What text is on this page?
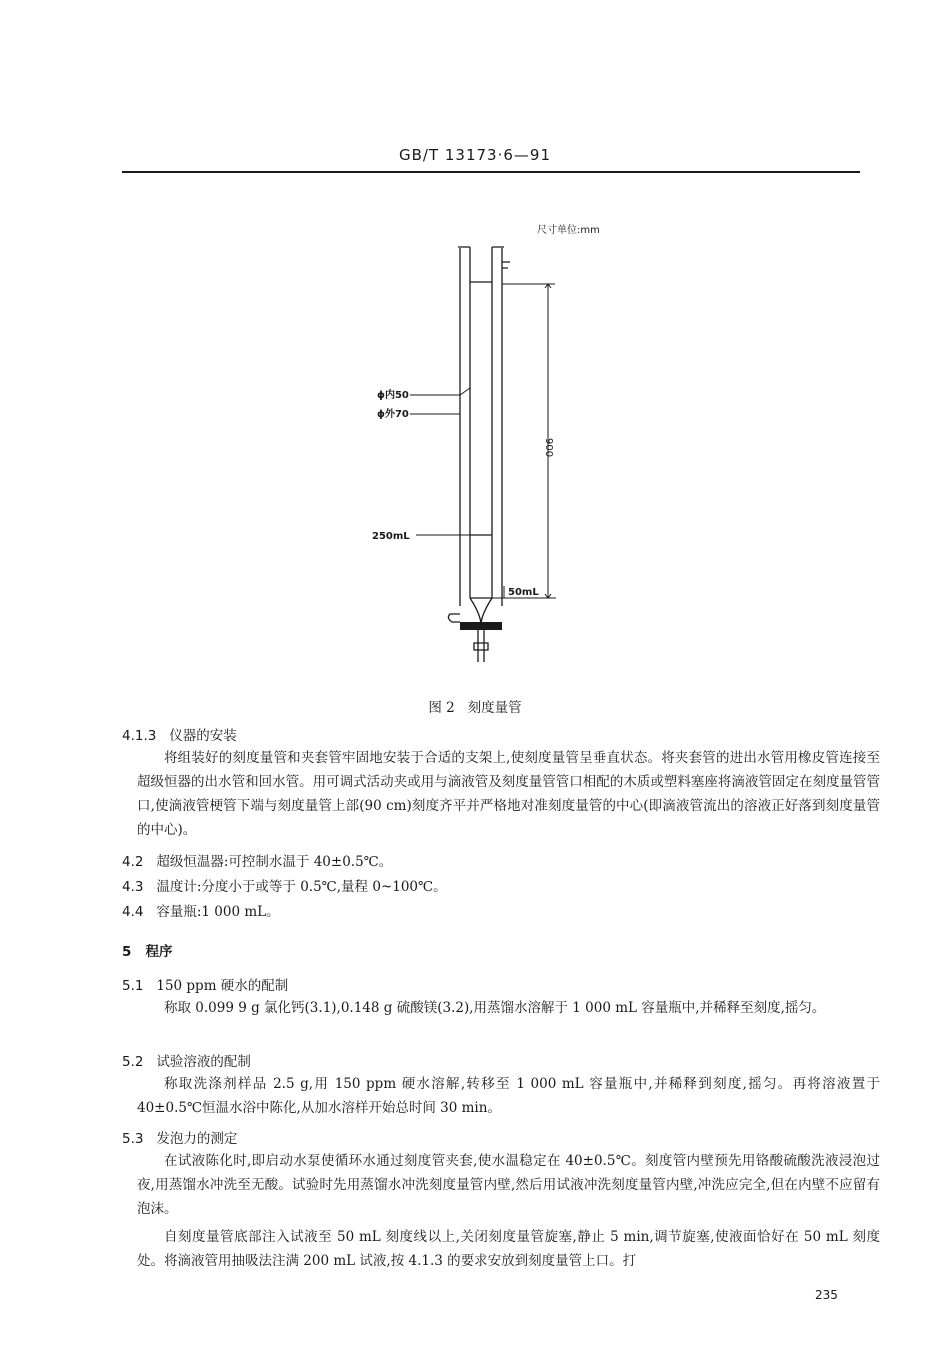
GB/T 13173·6—91
尺寸单位:mm
900
50mL
ϕ内50
ϕ外70
250mL
图 2   刻度量管
4.1.3 仪器的安装
将组装好的刻度量管和夹套管牢固地安装于合适的支架上,使刻度量管呈垂直状态。将夹套管的进出水管用橡皮管连接至超级恒器的出水管和回水管。用可调式活动夹或用与滴液管及刻度量管管口相配的木质或塑料塞座将滴液管固定在刻度量管管口,使滴液管梗管下端与刻度量管上部(90 cm)刻度齐平并严格地对准刻度量管的中心(即滴液管流出的溶液正好落到刻度量管的中心)。
4.2 超级恒温器:可控制水温于 40±0.5℃。
4.3 温度计:分度小于或等于 0.5℃,量程 0~100℃。
4.4 容量瓶:1 000 mL。
5 程序
5.1 150 ppm 硬水的配制
称取 0.099 9 g 氯化钙(3.1),0.148 g 硫酸镁(3.2),用蒸馏水溶解于 1 000 mL 容量瓶中,并稀释至刻度,摇匀。
5.2 试验溶液的配制
称取洗涤剂样品 2.5 g,用 150 ppm 硬水溶解,转移至 1 000 mL 容量瓶中,并稀释到刻度,摇匀。再将溶液置于 40±0.5℃恒温水浴中陈化,从加水溶样开始总时间 30 min。
5.3 发泡力的测定
在试液陈化时,即启动水泵使循环水通过刻度管夹套,使水温稳定在 40±0.5℃。刻度管内壁预先用铬酸硫酸洗液浸泡过夜,用蒸馏水冲洗至无酸。试验时先用蒸馏水冲洗刻度量管内壁,然后用试液冲洗刻度量管内壁,冲洗应完全,但在内壁不应留有泡沫。
自刻度量管底部注入试液至 50 mL 刻度线以上,关闭刻度量管旋塞,静止 5 min,调节旋塞,使液面恰好在 50 mL 刻度处。将滴液管用抽吸法注满 200 mL 试液,按 4.1.3 的要求安放到刻度量管上口。打
235
